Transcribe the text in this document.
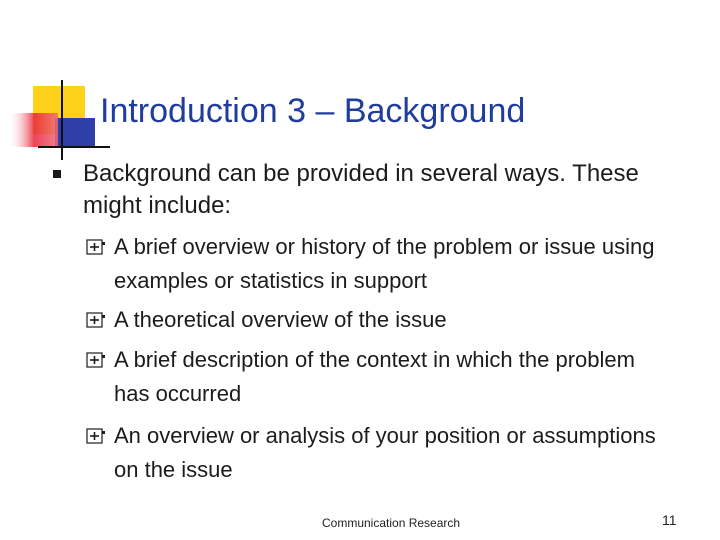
Introduction 3 – Background
Background can be provided in several ways. These might include:
A brief overview or history of the problem or issue using examples or statistics in support
A theoretical overview of the issue
A brief description of the context in which the problem has occurred
An overview or analysis of your position or assumptions on the issue
Communication Research	11
